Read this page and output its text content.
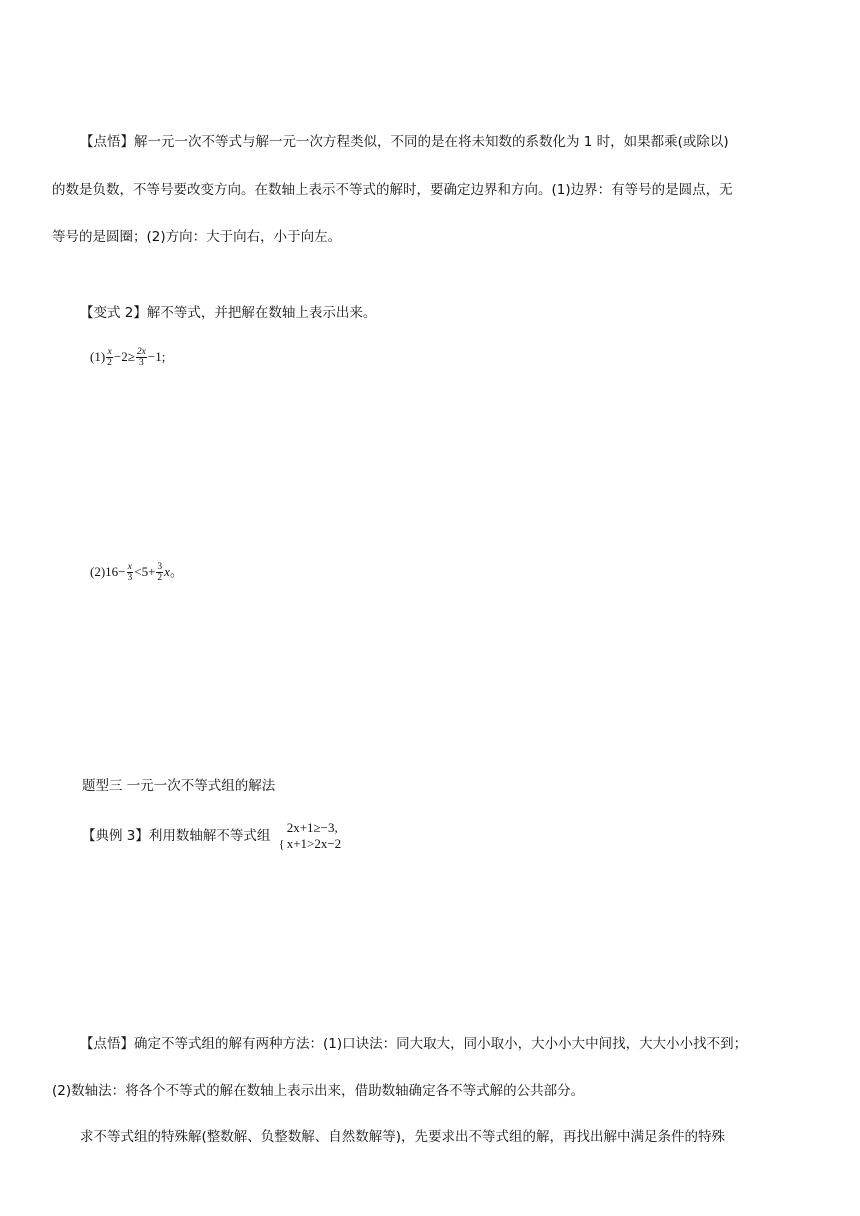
【点悟】解一元一次不等式与解一元一次方程类似，不同的是在将未知数的系数化为 1 时，如果都乘(或除以)
的数是负数，不等号要改变方向。在数轴上表示不等式的解时，要确定边界和方向。(1)边界：有等号的是圆点，无
等号的是圆圈；(2)方向：大于向右，小于向左。
【变式 2】解不等式，并把解在数轴上表示出来。
$(1) \frac{x}{2} -2\ge \frac{2x}{3} -1$;
$(2)16- \frac{x}{3} <5+ \frac{3}{2}$ x。
题型三 一元一次不等式组的解法
【典例 3】利用数轴解不等式组 {
2x+1≥−3,
x+1>2x−2
【点悟】确定不等式组的解有两种方法：(1)口诀法：同大取大，同小取小，大小小大中间找，大大小小找不到；
(2)数轴法：将各个不等式的解在数轴上表示出来，借助数轴确定各不等式解的公共部分。
求不等式组的特殊解(整数解、负整数解、自然数解等)，先要求出不等式组的解，再找出解中满足条件的特殊
